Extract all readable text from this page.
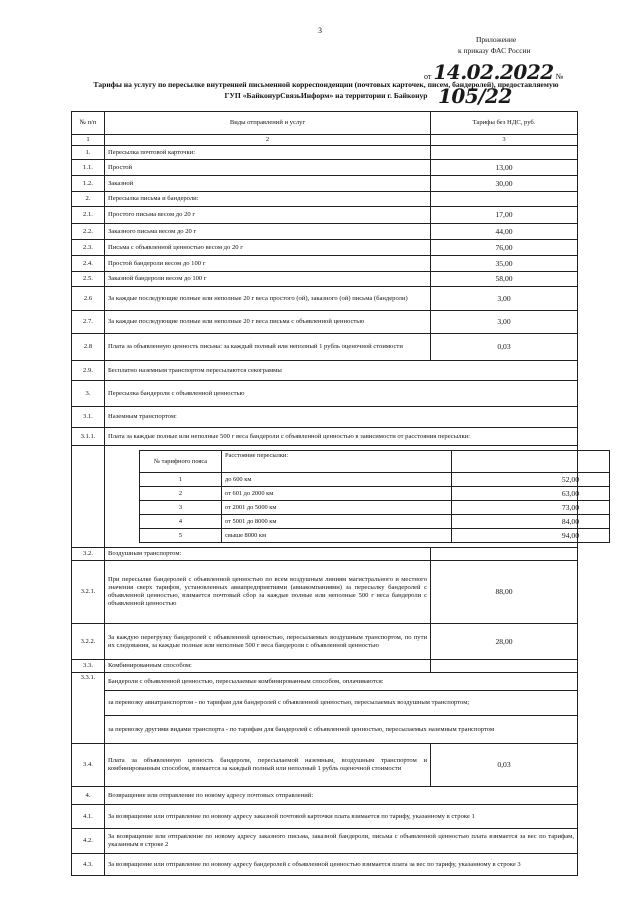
3
Приложение
к приказу ФАС России
от 14.02.2022 № 105/22
Тарифы на услугу по пересылке внутренней письменной корреспонденции (почтовых карточек, писем, бандеролей), предоставляемую
ГУП «БайконурСвязьИнформ» на территории г. Байконур
№ п/п	Виды отправлений и услуг	Тарифы без НДС, руб.
1	2	3
1.	Пересылка почтовой карточки:	
1.1.	Простой	13,00
1.2.	Заказной	30,00
2.	Пересылка письма и бандероли:	
2.1.	Простого письма весом до 20 г	17,00
2.2.	Заказного письма весом до 20 г	44,00
2.3.	Письма с объявленной ценностью весом до 20 г	76,00
2.4.	Простой бандероли весом до 100 г	35,00
2.5.	Заказной бандероли весом до 100 г	58,00
2.6	За каждые последующие полные или неполные 20 г веса простого (ой), заказного (ой) письма (бандероли)	3,00
2.7.	За каждые последующие полные или неполные 20 г веса письма с объявленной ценностью	3,00
2.8	Плата за объявленную ценность письма: за каждый полный или неполный 1 рубль оценочной стоимости	0,03
2.9.	Бесплатно наземным транспортом пересылаются секограммы
3.	Пересылка бандероли с объявленной ценностью
3.1.	Наземным транспортом:
3.1.1.	Плата за каждые полные или неполные 500 г веса бандероли с объявленной ценностью в зависимости от расстояния пересылки:

№ тарифного пояса	Расстояние пересылки:	
1	до 600 км	52,00
2	от 601 до 2000 км	63,00
3	от 2001 до 5000 км	73,00
4	от 5001 до 8000 км	84,00
5	свыше 8000 км	94,00

3.2.	Воздушным транспортом:	
3.2.1.	При пересылке бандеролей с объявленной ценностью по всем воздушным линиям магистрального и местного значения сверх тарифов, установленных авиапредприятиями (авиакомпаниями) за пересылку бандеролей с объявленной ценностью, взимается почтовый сбор за каждые полные или неполные 500 г веса бандероли с объявленной ценностью	88,00
3.2.2.	За каждую перегрузку бандеролей с объявленной ценностью, пересылаемых воздушным транспортом, по пути их следования, за каждые полные или неполные 500 г веса бандероли с объявленной ценностью	28,00
3.3.	Комбинированным способом:	
3.3.1.	Бандероли с объявленной ценностью, пересылаемые комбинированным способом, оплачиваются:
за перевозку авиатранспортом - по тарифам для бандеролей с объявленной ценностью, пересылаемых воздушным транспортом;
за перевозку другими видами транспорта - по тарифам для бандеролей с объявленной ценностью, пересылаемых наземным транспортом
3.4.	Плата за объявленную ценность бандероли, пересылаемой наземным, воздушным транспортом и комбинированным способом, взимается за каждый полный или неполный 1 рубль оценочной стоимости	0,03
4.	Возвращение или отправление по новому адресу почтовых отправлений:
4.1.	За возвращение или отправление по новому адресу заказной почтовой карточки плата взимается по тарифу, указанному в строке 1
4.2.	За возвращение или отправление по новому адресу заказного письма, заказной бандероли, письма с объявленной ценностью плата взимается за вес по тарифам, указанным в строке 2
4.3.	За возвращение или отправление по новому адресу бандеролей с объявленной ценностью взимается плата за вес по тарифу, указанному в строке 3
